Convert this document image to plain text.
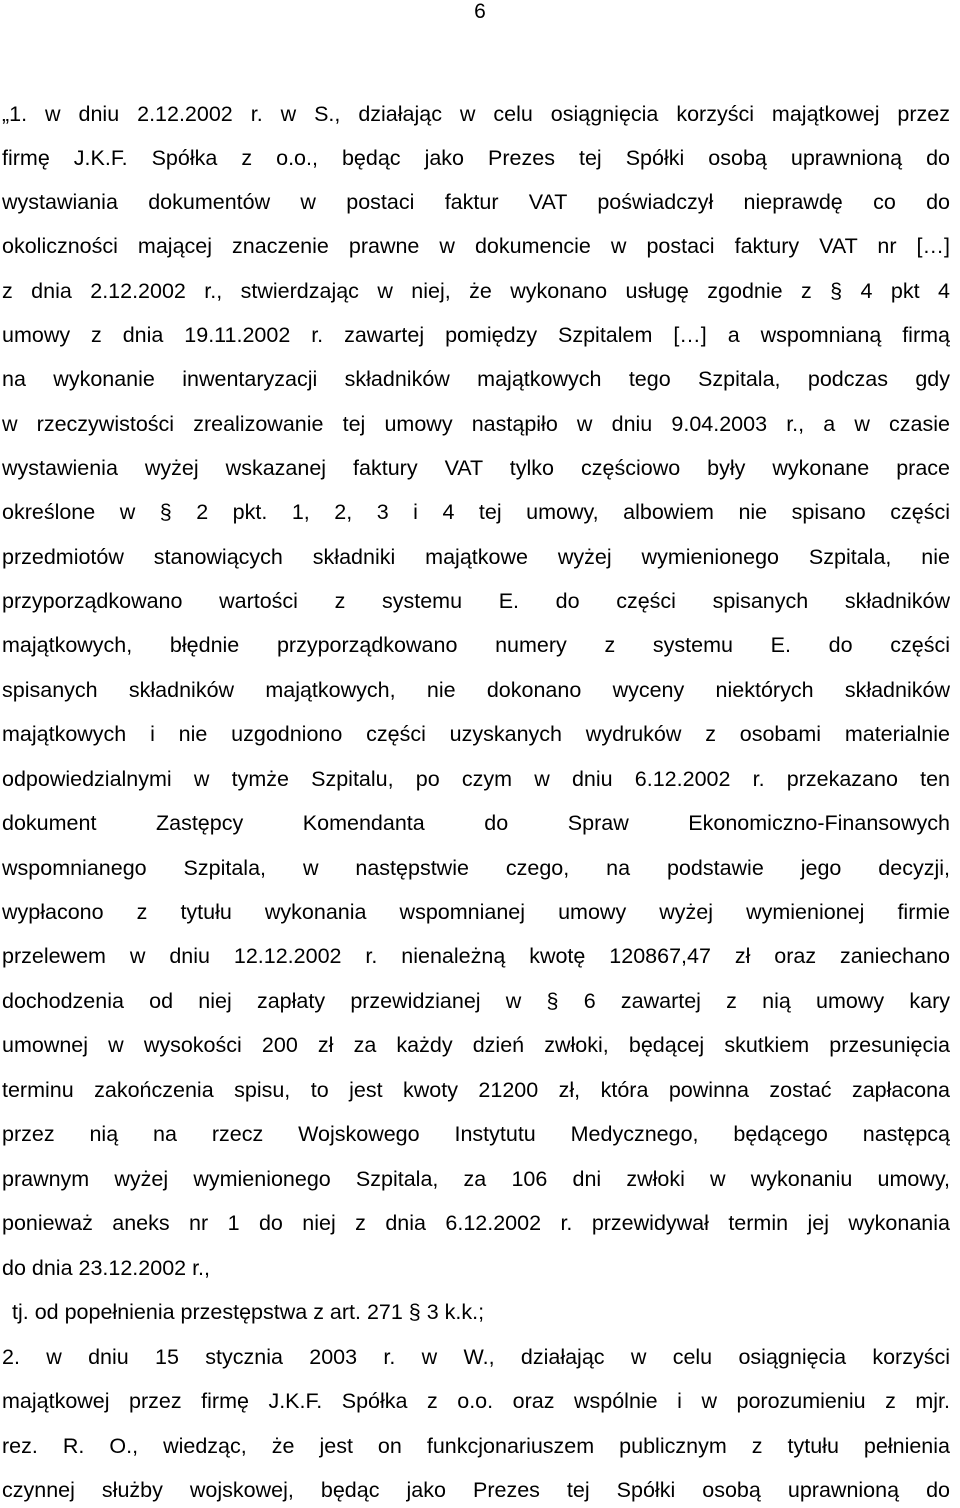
6
„1. w dniu 2.12.2002 r. w S., działając w celu osiągnięcia korzyści majątkowej przez
firmę J.K.F. Spółka z o.o., będąc jako Prezes tej Spółki osobą uprawnioną do
wystawiania dokumentów w postaci faktur VAT poświadczył nieprawdę co do
okoliczności mającej znaczenie prawne w dokumencie w postaci faktury VAT nr […]
z dnia 2.12.2002 r., stwierdzając w niej, że wykonano usługę zgodnie z § 4 pkt 4
umowy z dnia 19.11.2002 r. zawartej pomiędzy Szpitalem […] a wspomnianą firmą
na wykonanie inwentaryzacji składników majątkowych tego Szpitala, podczas gdy
w rzeczywistości zrealizowanie tej umowy nastąpiło w dniu 9.04.2003 r., a w czasie
wystawienia wyżej wskazanej faktury VAT tylko częściowo były wykonane prace
określone w § 2 pkt. 1, 2, 3 i 4 tej umowy, albowiem nie spisano części
przedmiotów stanowiących składniki majątkowe wyżej wymienionego Szpitala, nie
przyporządkowano wartości z systemu E. do części spisanych składników
majątkowych, błędnie przyporządkowano numery z systemu E. do części
spisanych składników majątkowych, nie dokonano wyceny niektórych składników
majątkowych i nie uzgodniono części uzyskanych wydruków z osobami materialnie
odpowiedzialnymi w tymże Szpitalu, po czym w dniu 6.12.2002 r. przekazano ten
dokument Zastępcy Komendanta do Spraw Ekonomiczno-Finansowych
wspomnianego Szpitala, w następstwie czego, na podstawie jego decyzji,
wypłacono z tytułu wykonania wspomnianej umowy wyżej wymienionej firmie
przelewem w dniu 12.12.2002 r. nienależną kwotę 120867,47 zł oraz zaniechano
dochodzenia od niej zapłaty przewidzianej w § 6 zawartej z nią umowy kary
umownej w wysokości 200 zł za każdy dzień zwłoki, będącej skutkiem przesunięcia
terminu zakończenia spisu, to jest kwoty 21200 zł, która powinna zostać zapłacona
przez nią na rzecz Wojskowego Instytutu Medycznego, będącego następcą
prawnym wyżej wymienionego Szpitala, za 106 dni zwłoki w wykonaniu umowy,
ponieważ aneks nr 1 do niej z dnia 6.12.2002 r. przewidywał termin jej wykonania
do dnia 23.12.2002 r.,
tj. od popełnienia przestępstwa z art. 271 § 3 k.k.;
2. w dniu 15 stycznia 2003 r. w W., działając w celu osiągnięcia korzyści
majątkowej przez firmę J.K.F. Spółka z o.o. oraz wspólnie i w porozumieniu z mjr.
rez. R. O., wiedząc, że jest on funkcjonariuszem publicznym z tytułu pełnienia
czynnej służby wojskowej, będąc jako Prezes tej Spółki osobą uprawnioną do
